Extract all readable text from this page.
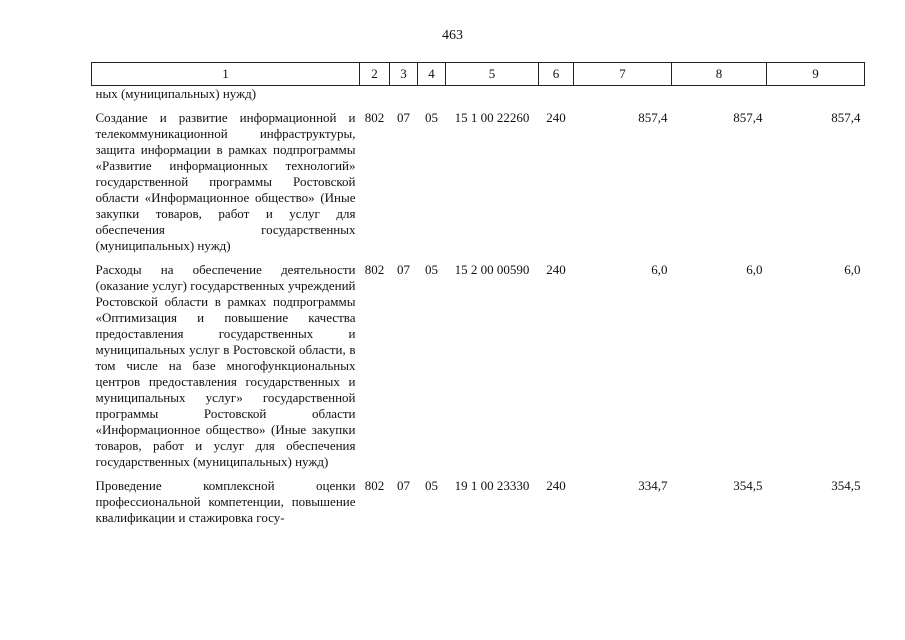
463
1	2	3	4	5	6	7	8	9
ных (муниципальных) нужд)								
Создание и развитие информационной и телекоммуникационной инфраструктуры, защита информации в рамках подпрограммы «Развитие информационных технологий» государственной программы Ростовской области «Информационное общество» (Иные закупки товаров, работ и услуг для обеспечения государственных (муниципальных) нужд)	802	07	05	15 1 00 22260	240	857,4	857,4	857,4
Расходы на обеспечение деятельности (оказание услуг) государственных учреждений Ростовской области в рамках подпрограммы «Оптимизация и повышение качества предоставления государственных и муниципальных услуг в Ростовской области, в том числе на базе многофункциональных центров предоставления государственных и муниципальных услуг» государственной программы Ростовской области «Информационное общество» (Иные закупки товаров, работ и услуг для обеспечения государственных (муниципальных) нужд)	802	07	05	15 2 00 00590	240	6,0	6,0	6,0
Проведение комплексной оценки профессиональной компетенции, повышение квалификации и стажировка госу-	802	07	05	19 1 00 23330	240	334,7	354,5	354,5
